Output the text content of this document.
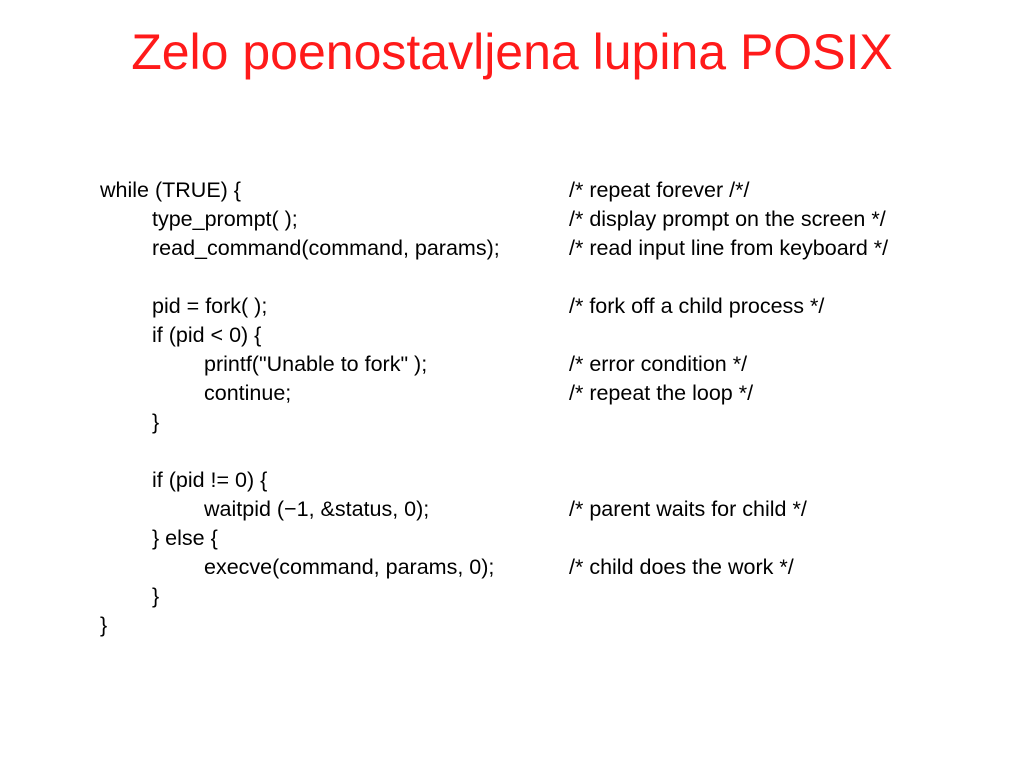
Zelo poenostavljena lupina POSIX
while (TRUE) {	/* repeat forever /*/
type_prompt( );	/* display prompt on the screen */
read_command(command, params);	/* read input line from keyboard */
pid = fork( );	/* fork off a child process */
if (pid < 0) {
printf("Unable to fork" );	/* error condition */
continue;	/* repeat the loop */
}
if (pid != 0) {
waitpid (−1, &status, 0);	/* parent waits for child */
} else {
execve(command, params, 0);	/* child does the work */
}
}
